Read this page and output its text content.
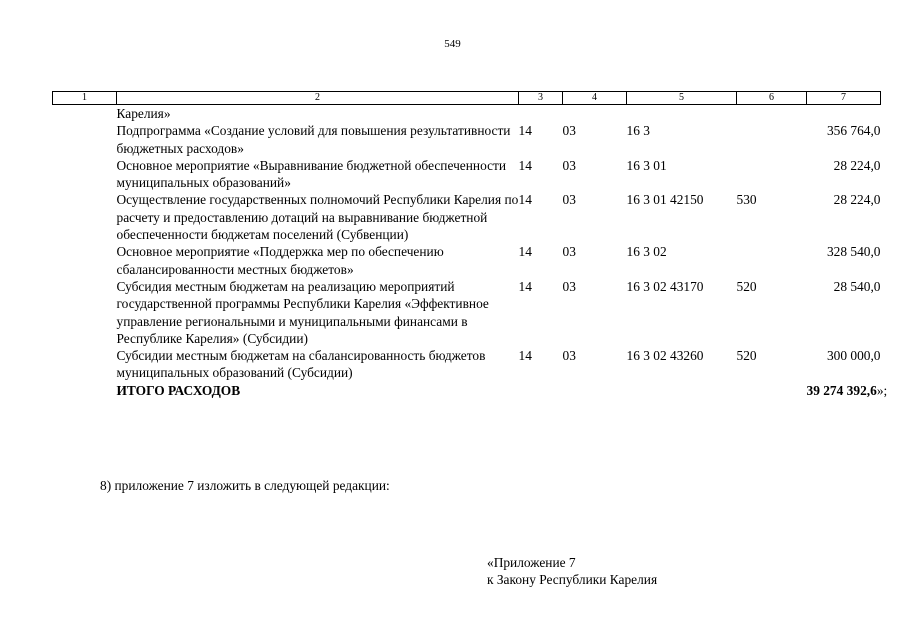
549
1	2	3	4	5	6	7
	Карелия»					
	Подпрограмма «Создание условий для повышения результативности бюджетных расходов»	14	03	16 3		356 764,0
	Основное мероприятие «Выравнивание бюджетной обеспеченности муниципальных образований»	14	03	16 3 01		28 224,0
	Осуществление государственных полномочий Республики Карелия по расчету и предоставлению дотаций на выравнивание бюджетной обеспеченности бюджетам поселений (Субвенции)	14	03	16 3 01 42150	530	28 224,0
	Основное мероприятие «Поддержка мер по обеспечению сбалансированности местных бюджетов»	14	03	16 3 02		328 540,0
	Субсидия местным бюджетам на реализацию мероприятий государственной программы Республики Карелия «Эффективное управление региональными и муниципальными финансами в Республике Карелия» (Субсидии)	14	03	16 3 02 43170	520	28 540,0
	Субсидии местным бюджетам на сбалансированность бюджетов муниципальных образований (Субсидии)	14	03	16 3 02 43260	520	300 000,0
	ИТОГО РАСХОДОВ					39 274 392,6»;
8) приложение 7 изложить в следующей редакции:
«Приложение 7
к Закону Республики Карелия
